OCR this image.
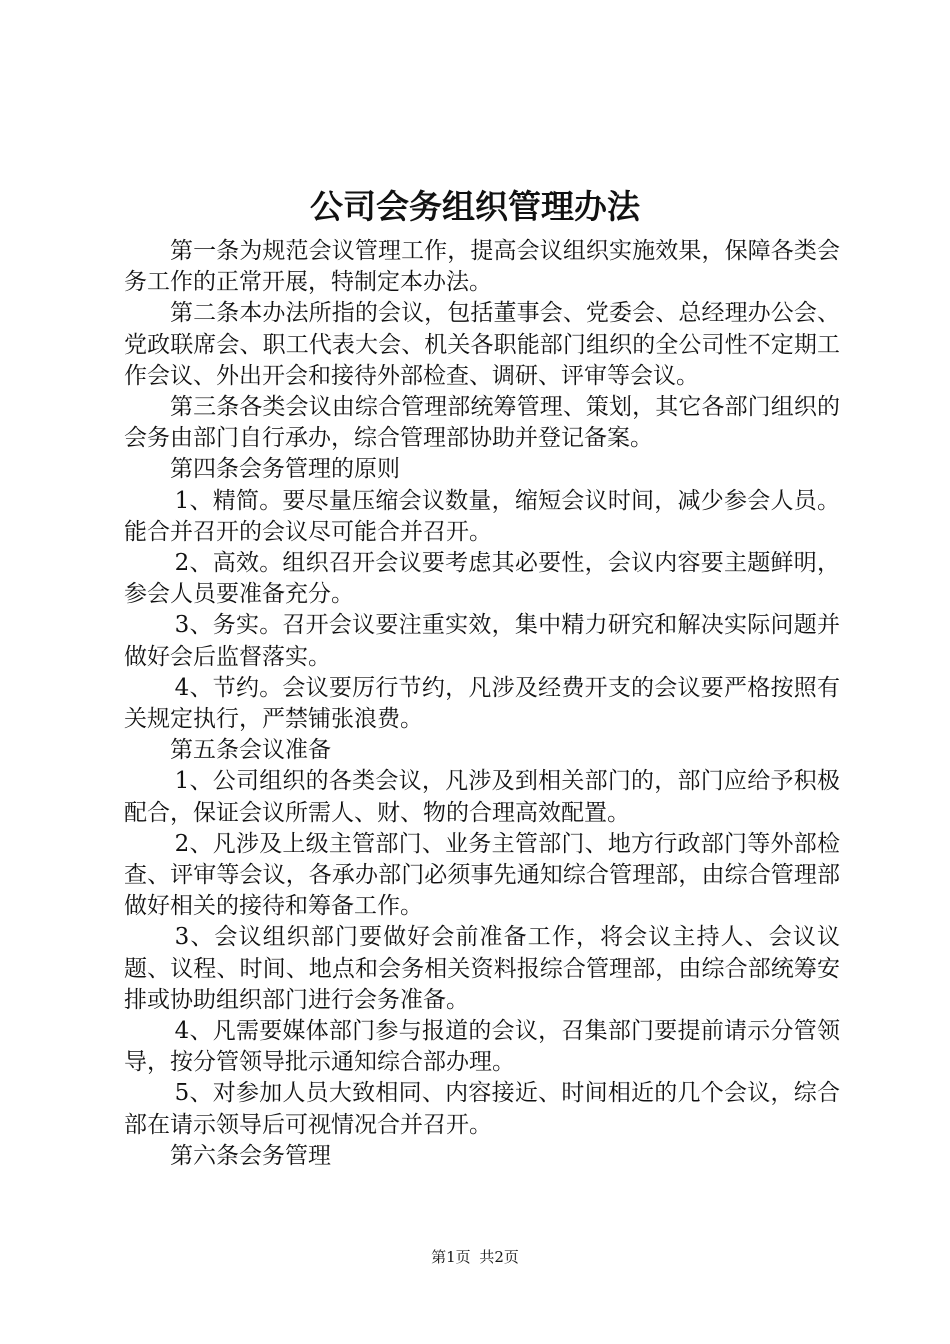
公司会务组织管理办法

第一条为规范会议管理工作，提高会议组织实施效果，保障各类会务工作的正常开展，特制定本办法。

第二条本办法所指的会议，包括董事会、党委会、总经理办公会、党政联席会、职工代表大会、机关各职能部门组织的全公司性不定期工作会议、外出开会和接待外部检查、调研、评审等会议。

第三条各类会议由综合管理部统筹管理、策划，其它各部门组织的会务由部门自行承办，综合管理部协助并登记备案。

第四条会务管理的原则

1、精简。要尽量压缩会议数量，缩短会议时间，减少参会人员。能合并召开的会议尽可能合并召开。

2、高效。组织召开会议要考虑其必要性，会议内容要主题鲜明，参会人员要准备充分。

3、务实。召开会议要注重实效，集中精力研究和解决实际问题并做好会后监督落实。

4、节约。会议要厉行节约，凡涉及经费开支的会议要严格按照有关规定执行，严禁铺张浪费。

第五条会议准备

1、公司组织的各类会议，凡涉及到相关部门的，部门应给予积极配合，保证会议所需人、财、物的合理高效配置。

2、凡涉及上级主管部门、业务主管部门、地方行政部门等外部检查、评审等会议，各承办部门必须事先通知综合管理部，由综合管理部做好相关的接待和筹备工作。

3、会议组织部门要做好会前准备工作，将会议主持人、会议议题、议程、时间、地点和会务相关资料报综合管理部，由综合部统筹安排或协助组织部门进行会务准备。

4、凡需要媒体部门参与报道的会议，召集部门要提前请示分管领导，按分管领导批示通知综合部办理。

5、对参加人员大致相同、内容接近、时间相近的几个会议，综合部在请示领导后可视情况合并召开。

第六条会务管理

第1页 共2页
